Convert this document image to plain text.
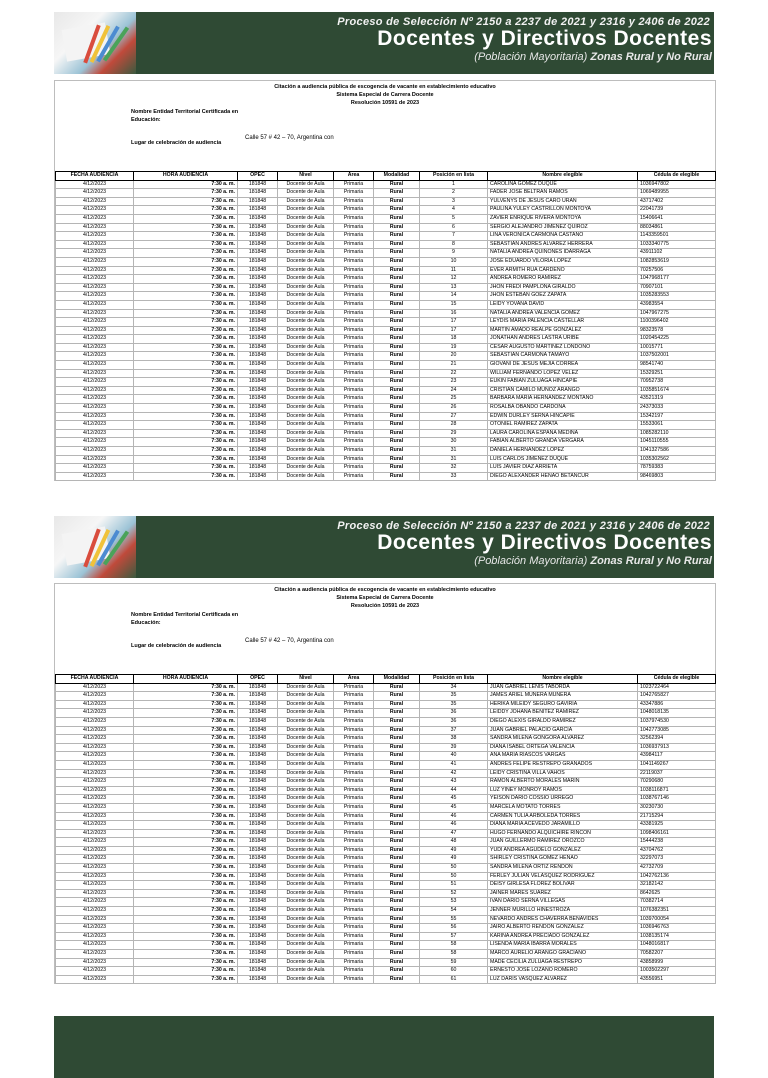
Proceso de Selección Nº 2150 a 2237 de 2021 y 2316 y 2406 de 2022
Docentes y Directivos Docentes
(Población Mayoritaria) Zonas Rural y No Rural
Citación a audiencia pública de escogencia de vacante en establecimiento educativo
Sistema Especial de Carrera Docente
Resolución 10591 de 2023
Nombre Entidad Territorial Certificada en Educación:
Calle 57 # 42 – 70, Argentina con
Lugar de celebración de audiencia
FECHA AUDIENCIA	HORA AUDIENCIA	OPEC	Nivel	Área	Modalidad	Posición en lista	Nombre elegible	Cédula de elegible
4/12/2023	7:30 a. m.	181848	Docente de Aula	Primaria	Rural	1	CAROLINA GOMEZ DUQUE	1036947802
4/12/2023	7:30 a. m.	181848	Docente de Aula	Primaria	Rural	2	FADER JOSE BELTRAN RAMOS	1069489955
4/12/2023	7:30 a. m.	181848	Docente de Aula	Primaria	Rural	3	YULVENYS DE JESUS CARO URAN	43717402
4/12/2023	7:30 a. m.	181848	Docente de Aula	Primaria	Rural	4	PAULINA YULEY CASTRILLON MONTOYA	22041739
4/12/2023	7:30 a. m.	181848	Docente de Aula	Primaria	Rural	5	ZAVIER ENRIQUE RIVERA MONTOYA	15406641
4/12/2023	7:30 a. m.	181848	Docente de Aula	Primaria	Rural	6	SERGIO ALEJANDRO JIMENEZ QUIROZ	88034861
4/12/2023	7:30 a. m.	181848	Docente de Aula	Primaria	Rural	7	LINA VERONICA CARMONA CASTAÑO	1143359501
4/12/2023	7:30 a. m.	181848	Docente de Aula	Primaria	Rural	8	SEBASTIAN ANDRES ALVAREZ HERRERA	1033340775
4/12/2023	7:30 a. m.	181848	Docente de Aula	Primaria	Rural	9	NATALIA ANDREA QUIÑONES IDARRAGA	43911102
4/12/2023	7:30 a. m.	181848	Docente de Aula	Primaria	Rural	10	JOSE EDUARDO VILORIA LOPEZ	1082853619
4/12/2023	7:30 a. m.	181848	Docente de Aula	Primaria	Rural	11	EVER ARMITH RUA CARDEÑO	70257506
4/12/2023	7:30 a. m.	181848	Docente de Aula	Primaria	Rural	12	ANDREA ROMERO RAMIREZ	1047968177
4/12/2023	7:30 a. m.	181848	Docente de Aula	Primaria	Rural	13	JHON FREDI PAMPLONA GIRALDO	70907101
4/12/2023	7:30 a. m.	181848	Docente de Aula	Primaria	Rural	14	JHON ESTEBAN GOEZ ZAPATA	1035283553
4/12/2023	7:30 a. m.	181848	Docente de Aula	Primaria	Rural	15	LEIDY YOVANA DAVID	43983554
4/12/2023	7:30 a. m.	181848	Docente de Aula	Primaria	Rural	16	NATALIA ANDREA VALENCIA GOMEZ	1047967275
4/12/2023	7:30 a. m.	181848	Docente de Aula	Primaria	Rural	17	LEYDIS MARIA PALENCIA CASTELLAR	1100396402
4/12/2023	7:30 a. m.	181848	Docente de Aula	Primaria	Rural	17	MARTIN AMADO REALPE GONZALEZ	98323578
4/12/2023	7:30 a. m.	181848	Docente de Aula	Primaria	Rural	18	JONATHAN ANDRES LASTRA URIBE	1020454225
4/12/2023	7:30 a. m.	181848	Docente de Aula	Primaria	Rural	19	CESAR AUGUSTO MARTINEZ LONDOÑO	10015771
4/12/2023	7:30 a. m.	181848	Docente de Aula	Primaria	Rural	20	SEBASTIAN CARMONA TAMAYO	1037502001
4/12/2023	7:30 a. m.	181848	Docente de Aula	Primaria	Rural	21	GIOVANI DE JESUS MEJIA CORREA	98541740
4/12/2023	7:30 a. m.	181848	Docente de Aula	Primaria	Rural	22	WILLIAM FERNANDO LOPEZ VELEZ	15329251
4/12/2023	7:30 a. m.	181848	Docente de Aula	Primaria	Rural	23	EUKIN FABIAN ZULUAGA HINCAPIE	70952738
4/12/2023	7:30 a. m.	181848	Docente de Aula	Primaria	Rural	24	CRISTIAN CAMILO MUÑOZ ARANGO	1035851674
4/12/2023	7:30 a. m.	181848	Docente de Aula	Primaria	Rural	25	BARBARA MARIA HERNANDEZ MONTAÑO	43521319
4/12/2023	7:30 a. m.	181848	Docente de Aula	Primaria	Rural	26	ROSALBA OBANDO CARDONA	24373033
4/12/2023	7:30 a. m.	181848	Docente de Aula	Primaria	Rural	27	EDWIN DURLEY SERNA HINCAPIÉ	15342197
4/12/2023	7:30 a. m.	181848	Docente de Aula	Primaria	Rural	28	OTONIEL RAMIREZ ZAPATA	15533061
4/12/2023	7:30 a. m.	181848	Docente de Aula	Primaria	Rural	29	LAURA CAROLINA ESPAÑA MEDINA	1085282110
4/12/2023	7:30 a. m.	181848	Docente de Aula	Primaria	Rural	30	FABIAN ALBERTO GRANDA VERGARA	1045110555
4/12/2023	7:30 a. m.	181848	Docente de Aula	Primaria	Rural	31	DANIELA HERNANDEZ LOPEZ	1041327586
4/12/2023	7:30 a. m.	181848	Docente de Aula	Primaria	Rural	31	LUIS CARLOS JIMENEZ DUQUE	1035302562
4/12/2023	7:30 a. m.	181848	Docente de Aula	Primaria	Rural	32	LUIS JAVIER DIAZ ARRIETA	78759383
4/12/2023	7:30 a. m.	181848	Docente de Aula	Primaria	Rural	33	DIEGO ALEXANDER HENAO BETANCUR	98469803
Proceso de Selección Nº 2150 a 2237 de 2021 y 2316 y 2406 de 2022
Docentes y Directivos Docentes
(Población Mayoritaria) Zonas Rural y No Rural
Citación a audiencia pública de escogencia de vacante en establecimiento educativo
Sistema Especial de Carrera Docente
Resolución 10591 de 2023
Nombre Entidad Territorial Certificada en Educación:
Calle 57 # 42 – 70, Argentina con
Lugar de celebración de audiencia
FECHA AUDIENCIA	HORA AUDIENCIA	OPEC	Nivel	Área	Modalidad	Posición en lista	Nombre elegible	Cédula de elegible
4/12/2023	7:30 a. m.	181848	Docente de Aula	Primaria	Rural	34	JUAN GABRIEL LENIS TABORDA	1023722464
4/12/2023	7:30 a. m.	181848	Docente de Aula	Primaria	Rural	35	JAMES ARIEL MUNERA MUNERA	1042765827
4/12/2023	7:30 a. m.	181848	Docente de Aula	Primaria	Rural	35	HERIKA MILEIDY SEGURO GAVIRIA	43347886
4/12/2023	7:30 a. m.	181848	Docente de Aula	Primaria	Rural	36	LEIDDY JOHANA BENITEZ RAMIREZ	1048018135
4/12/2023	7:30 a. m.	181848	Docente de Aula	Primaria	Rural	36	DIEGO ALEXIS GIRALDO RAMIREZ	1037974530
4/12/2023	7:30 a. m.	181848	Docente de Aula	Primaria	Rural	37	JUAN GABRIEL PALACIO GARCIA	1042773085
4/12/2023	7:30 a. m.	181848	Docente de Aula	Primaria	Rural	38	SANDRA MILENA GONGORA ALVAREZ	32562394
4/12/2023	7:30 a. m.	181848	Docente de Aula	Primaria	Rural	39	DIANA ISABEL ORTEGA VALENCIA	1036937913
4/12/2023	7:30 a. m.	181848	Docente de Aula	Primaria	Rural	40	ANA MARIA RIASCOS VARGAS	43984117
4/12/2023	7:30 a. m.	181848	Docente de Aula	Primaria	Rural	41	ANDRES FELIPE RESTREPO GRANADOS	1041149267
4/12/2023	7:30 a. m.	181848	Docente de Aula	Primaria	Rural	42	LEIDY CRISTINA VILLA VAHOS	22119037
4/12/2023	7:30 a. m.	181848	Docente de Aula	Primaria	Rural	43	RAMON ALBERTO MORALES MARIN	70290680
4/12/2023	7:30 a. m.	181848	Docente de Aula	Primaria	Rural	44	LUZ YINEY MONROY RAMOS	1038116871
4/12/2023	7:30 a. m.	181848	Docente de Aula	Primaria	Rural	45	YEISON DARIO COSSIO URREGO	1038767146
4/12/2023	7:30 a. m.	181848	Docente de Aula	Primaria	Rural	45	MARCELA MOTATO TORRES	30230730
4/12/2023	7:30 a. m.	181848	Docente de Aula	Primaria	Rural	46	CARMEN TULIA ARBOLEDA TORRES	21715294
4/12/2023	7:30 a. m.	181848	Docente de Aula	Primaria	Rural	46	DIANA MARIA ACEVEDO JARAMILLO	43381925
4/12/2023	7:30 a. m.	181848	Docente de Aula	Primaria	Rural	47	HUGO FERNANDO ALQUICHIRE RINCON	1098406161
4/12/2023	7:30 a. m.	181848	Docente de Aula	Primaria	Rural	48	JUAN GUILLERMO RAMIREZ OROZCO	15444238
4/12/2023	7:30 a. m.	181848	Docente de Aula	Primaria	Rural	49	YUDI ANDREA AGUDELO GONZALEZ	43704762
4/12/2023	7:30 a. m.	181848	Docente de Aula	Primaria	Rural	49	SHIRLEY CRISTINA GOMEZ HENAO	32297073
4/12/2023	7:30 a. m.	181848	Docente de Aula	Primaria	Rural	50	SANDRA MILENA ORTIZ RENDON	42732709
4/12/2023	7:30 a. m.	181848	Docente de Aula	Primaria	Rural	50	FERLEY JULIAN VELASQUEZ RODRIGUEZ	1042762136
4/12/2023	7:30 a. m.	181848	Docente de Aula	Primaria	Rural	51	DEISY GIRLESA FLOREZ BOLIVAR	32182142
4/12/2023	7:30 a. m.	181848	Docente de Aula	Primaria	Rural	52	JAINER MARES SUAREZ	8642625
4/12/2023	7:30 a. m.	181848	Docente de Aula	Primaria	Rural	53	IVAN DARIO SERNA VILLEGAS	70382714
4/12/2023	7:30 a. m.	181848	Docente de Aula	Primaria	Rural	54	JENNER MURILLO HINESTROZA	1076382351
4/12/2023	7:30 a. m.	181848	Docente de Aula	Primaria	Rural	55	NEVARDO ANDRÉS CHAVERRA BENAVIDES	1039700054
4/12/2023	7:30 a. m.	181848	Docente de Aula	Primaria	Rural	56	JAIRO ALBERTO RENDON GONZALEZ	1036946763
4/12/2023	7:30 a. m.	181848	Docente de Aula	Primaria	Rural	57	KARINA ANDREA PRECIADO GONZALEZ	1038135174
4/12/2023	7:30 a. m.	181848	Docente de Aula	Primaria	Rural	58	LISENDA MARIA IBARRA MORALES	1048016817
4/12/2023	7:30 a. m.	181848	Docente de Aula	Primaria	Rural	58	MARCO AURELIO ARANGO GRACIANO	70582207
4/12/2023	7:30 a. m.	181848	Docente de Aula	Primaria	Rural	59	MADE CECILIA ZULUAGA RESTREPO	43858999
4/12/2023	7:30 a. m.	181848	Docente de Aula	Primaria	Rural	60	ERNESTO JOSE LOZANO ROMERO	1003502297
4/12/2023	7:30 a. m.	181848	Docente de Aula	Primaria	Rural	61	LUZ DARIS VASQUEZ ALVAREZ	43556951
